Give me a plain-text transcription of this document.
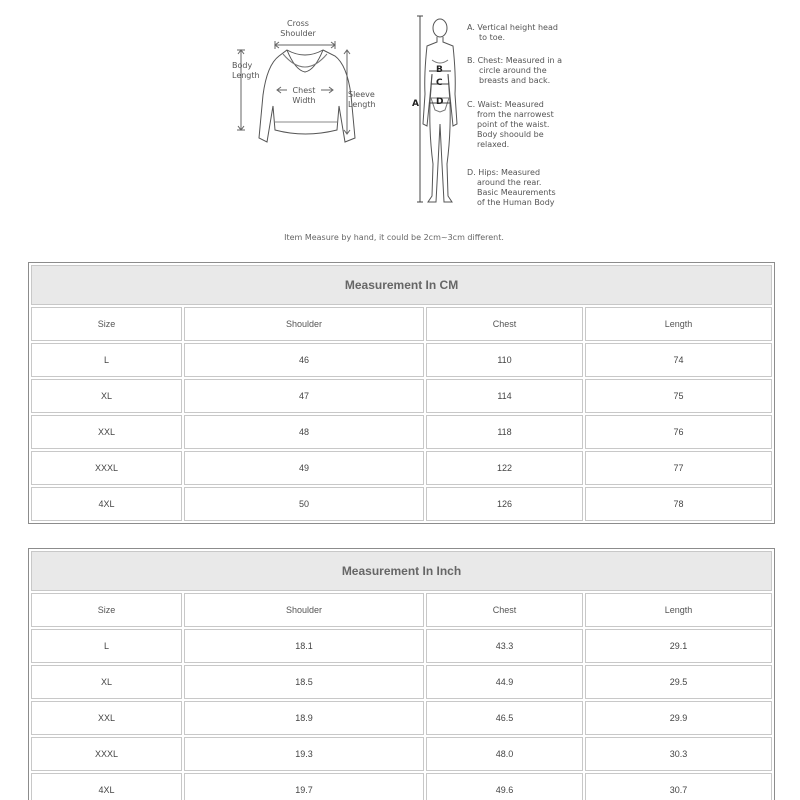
Cross
Shoulder
Body
Length
Chest
Width
Sleeve
Length	A
B
C
D
A. Vertical height head
to toe.
B. Chest: Measured in a
circle around the
breasts and back.
C. Waist: Measured
from the narrowest
point of the waist.
Body shoould be
relaxed.
D. Hips: Measured
around the rear.
Basic Meaurements
of the Human Body
Item Measure by hand, it could be 2cm~3cm different.
Measurement In CM			
Size	Shoulder	Chest	Length
L	46	110	74
XL	47	114	75
XXL	48	118	76
XXXL	49	122	77
4XL	50	126	78
Measurement In Inch			
Size	Shoulder	Chest	Length
L	18.1	43.3	29.1
XL	18.5	44.9	29.5
XXL	18.9	46.5	29.9
XXXL	19.3	48.0	30.3
4XL	19.7	49.6	30.7
